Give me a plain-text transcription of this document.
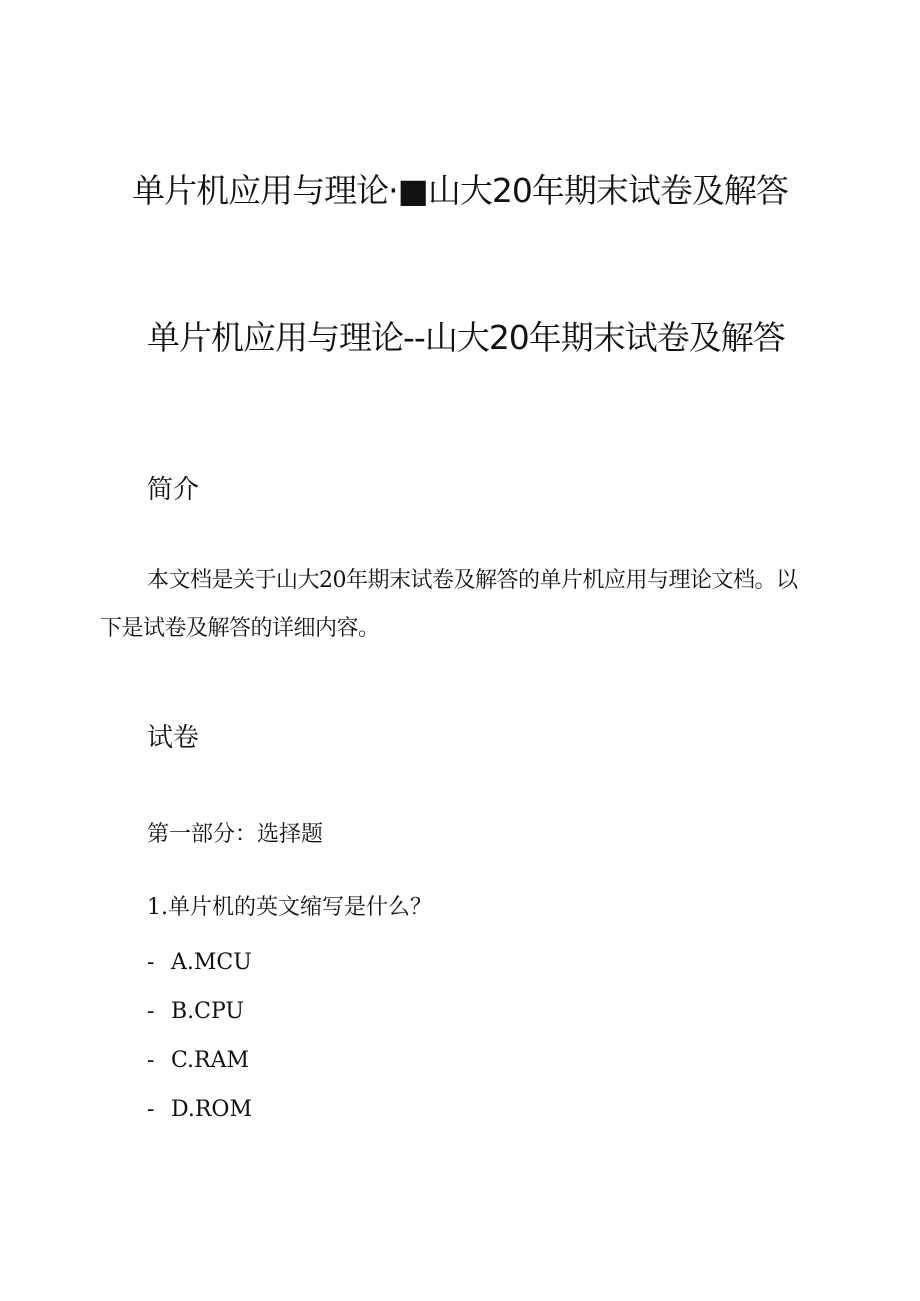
单片机应用与理论·■山大20年期末试卷及解答
单片机应用与理论--山大20年期末试卷及解答
简介

本文档是关于山大20年期末试卷及解答的单片机应用与理论文档。以下是试卷及解答的详细内容。

试卷

第一部分：选择题

1.单片机的英文缩写是什么？

- A.MCU

- B.CPU

- C.RAM

- D.ROM
